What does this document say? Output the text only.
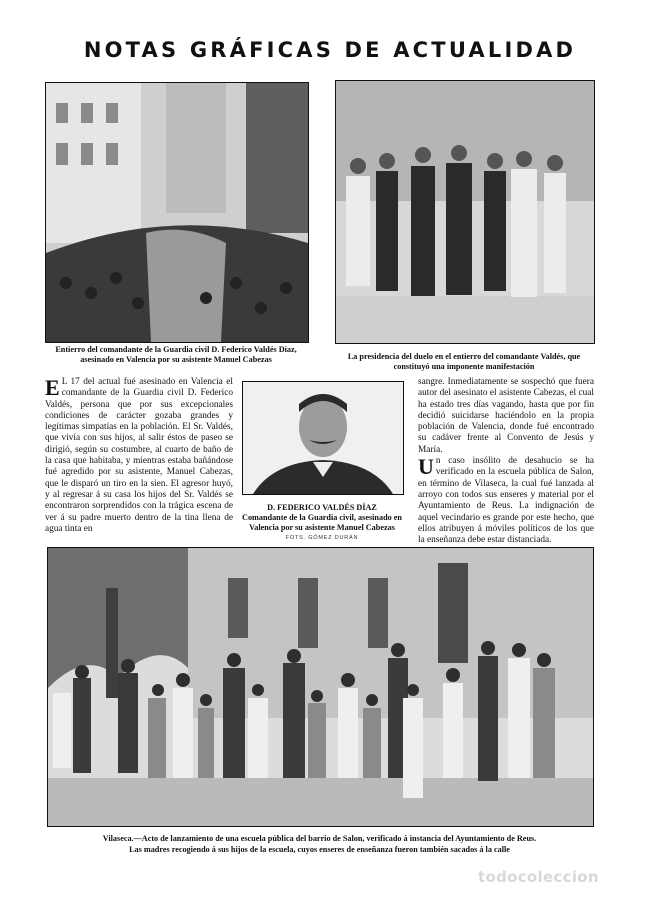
NOTAS GRÁFICAS DE ACTUALIDAD
Entierro del comandante de la Guardia civil D. Federico Valdés Díaz, asesinado en Valencia por su asistente Manuel Cabezas	La presidencia del duelo en el entierro del comandante Valdés, que constituyó una imponente manifestación

E L 17 del actual fué asesinado en Valencia el comandante de la Guardia civil D. Federico Valdés, persona que por sus excepcionales condiciones de carácter gozaba grandes y legítimas simpatías en la población. El Sr. Valdés, que vivía con sus hijos, al salir éstos de paseo se dirigió, según su costumbre, al cuarto de baño de la casa que habitaba, y mientras estaba bañándose fué agredido por su asistente, Manuel Cabezas, que le disparó un tiro en la sien. El agresor huyó, y al regresar á su casa los hijos del Sr. Valdés se encontraron sorprendidos con la trágica escena de ver á su padre muerto dentro de la tina llena de agua tinta en

D. FEDERICO VALDÉS DÍAZ
Comandante de la Guardia civil, asesinado en Valencia por su asistente Manuel Cabezas
FOTS. GÓMEZ DURÁN

sangre. Inmediatamente se sospechó que fuera autor del asesinato el asistente Cabezas, el cual ha estado tres días vagando, hasta que por fin decidió suicidarse haciéndolo en la propia población de Valencia, donde fué encontrado su cadáver frente al Convento de Jesús y María.

Un caso insólito de desahucio se ha verificado en la escuela pública de Salon, en término de Vilaseca, la cual fué lanzada al arroyo con todos sus enseres y material por el Ayuntamiento de Reus. La indignación de aquel vecindario es grande por este hecho, que ellos atribuyen á móviles políticos de los que la enseñanza debe estar distanciada.

Vilaseca.—Acto de lanzamiento de una escuela pública del barrio de Salon, verificado á instancia del Ayuntamiento de Reus.
Las madres recogiendo á sus hijos de la escuela, cuyos enseres de enseñanza fueron también sacados á la calle
todocoleccion
